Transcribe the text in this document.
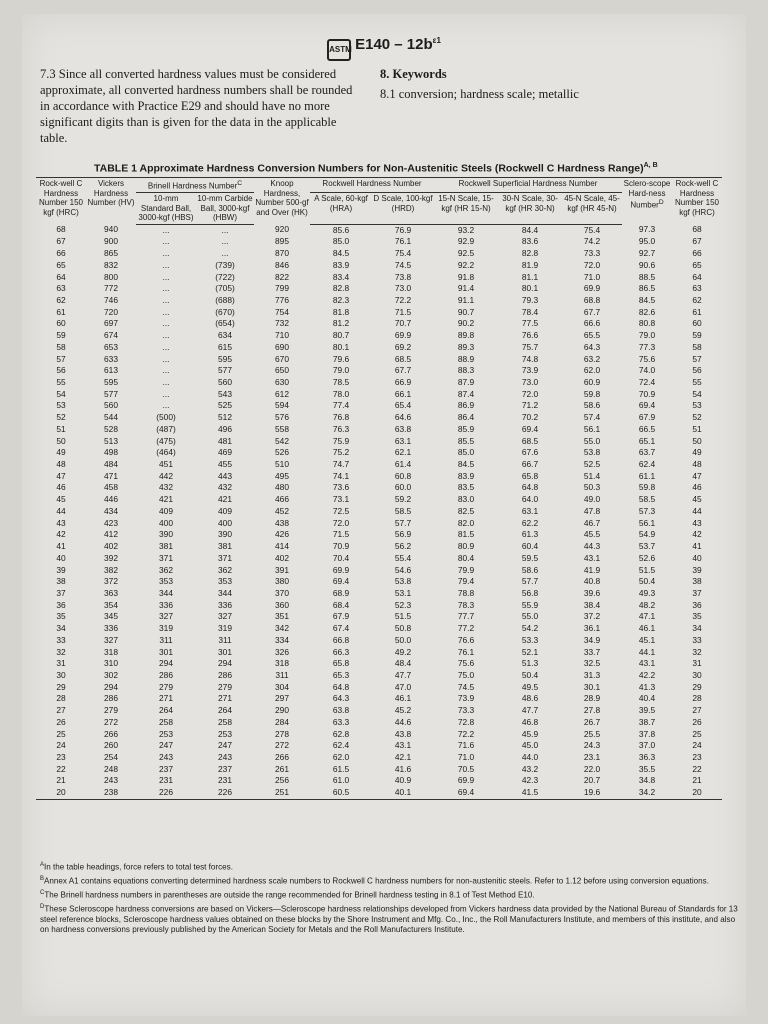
ASTM $E140 - 12b^{\varepsilon 1}$
7.3 Since all converted hardness values must be considered approximate, all converted hardness numbers shall be rounded in accordance with Practice E29 and should have no more significant digits than is given for the data in the applicable table.
8. Keywords
8.1 conversion; hardness scale; metallic
TABLE 1 Approximate Hardness Conversion Numbers for Non-Austenitic Steels (Rockwell C Hardness Range)$^{A, B}$
Rock-well C Hardness Number 150 kgf (HRC)	Vickers Hardness Number (HV)	Brinell Hardness Number$^C$		Knoop Hardness, Number 500-gf and Over (HK)	Rockwell Hardness Number		Rockwell Superficial Hardness Number			Sclero-scope Hard-ness Number$^D$	Rock-well C Hardness Number 150 kgf (HRC)
		10-mm Standard Ball, 3000-kgf (HBS)	10-mm Carbide Ball, 3000-kgf (HBW)		A Scale, 60-kgf (HRA)	D Scale, 100-kgf (HRD)	15-N Scale, 15-kgf (HR 15-N)	30-N Scale, 30-kgf (HR 30-N)	45-N Scale, 45-kgf (HR 45-N)		
68	940	...	...	920	85.6	76.9	93.2	84.4	75.4	97.3	68
67	900	...	...	895	85.0	76.1	92.9	83.6	74.2	95.0	67
66	865	...	...	870	84.5	75.4	92.5	82.8	73.3	92.7	66
65	832	...	(739)	846	83.9	74.5	92.2	81.9	72.0	90.6	65
64	800	...	(722)	822	83.4	73.8	91.8	81.1	71.0	88.5	64
63	772	...	(705)	799	82.8	73.0	91.4	80.1	69.9	86.5	63
62	746	...	(688)	776	82.3	72.2	91.1	79.3	68.8	84.5	62
61	720	...	(670)	754	81.8	71.5	90.7	78.4	67.7	82.6	61
60	697	...	(654)	732	81.2	70.7	90.2	77.5	66.6	80.8	60
59	674	...	634	710	80.7	69.9	89.8	76.6	65.5	79.0	59
58	653	...	615	690	80.1	69.2	89.3	75.7	64.3	77.3	58
57	633	...	595	670	79.6	68.5	88.9	74.8	63.2	75.6	57
56	613	...	577	650	79.0	67.7	88.3	73.9	62.0	74.0	56
55	595	...	560	630	78.5	66.9	87.9	73.0	60.9	72.4	55
54	577	...	543	612	78.0	66.1	87.4	72.0	59.8	70.9	54
53	560	...	525	594	77.4	65.4	86.9	71.2	58.6	69.4	53
52	544	(500)	512	576	76.8	64.6	86.4	70.2	57.4	67.9	52
51	528	(487)	496	558	76.3	63.8	85.9	69.4	56.1	66.5	51
50	513	(475)	481	542	75.9	63.1	85.5	68.5	55.0	65.1	50
49	498	(464)	469	526	75.2	62.1	85.0	67.6	53.8	63.7	49
48	484	451	455	510	74.7	61.4	84.5	66.7	52.5	62.4	48
47	471	442	443	495	74.1	60.8	83.9	65.8	51.4	61.1	47
46	458	432	432	480	73.6	60.0	83.5	64.8	50.3	59.8	46
45	446	421	421	466	73.1	59.2	83.0	64.0	49.0	58.5	45
44	434	409	409	452	72.5	58.5	82.5	63.1	47.8	57.3	44
43	423	400	400	438	72.0	57.7	82.0	62.2	46.7	56.1	43
42	412	390	390	426	71.5	56.9	81.5	61.3	45.5	54.9	42
41	402	381	381	414	70.9	56.2	80.9	60.4	44.3	53.7	41
40	392	371	371	402	70.4	55.4	80.4	59.5	43.1	52.6	40
39	382	362	362	391	69.9	54.6	79.9	58.6	41.9	51.5	39
38	372	353	353	380	69.4	53.8	79.4	57.7	40.8	50.4	38
37	363	344	344	370	68.9	53.1	78.8	56.8	39.6	49.3	37
36	354	336	336	360	68.4	52.3	78.3	55.9	38.4	48.2	36
35	345	327	327	351	67.9	51.5	77.7	55.0	37.2	47.1	35
34	336	319	319	342	67.4	50.8	77.2	54.2	36.1	46.1	34
33	327	311	311	334	66.8	50.0	76.6	53.3	34.9	45.1	33
32	318	301	301	326	66.3	49.2	76.1	52.1	33.7	44.1	32
31	310	294	294	318	65.8	48.4	75.6	51.3	32.5	43.1	31
30	302	286	286	311	65.3	47.7	75.0	50.4	31.3	42.2	30
29	294	279	279	304	64.8	47.0	74.5	49.5	30.1	41.3	29
28	286	271	271	297	64.3	46.1	73.9	48.6	28.9	40.4	28
27	279	264	264	290	63.8	45.2	73.3	47.7	27.8	39.5	27
26	272	258	258	284	63.3	44.6	72.8	46.8	26.7	38.7	26
25	266	253	253	278	62.8	43.8	72.2	45.9	25.5	37.8	25
24	260	247	247	272	62.4	43.1	71.6	45.0	24.3	37.0	24
23	254	243	243	266	62.0	42.1	71.0	44.0	23.1	36.3	23
22	248	237	237	261	61.5	41.6	70.5	43.2	22.0	35.5	22
21	243	231	231	256	61.0	40.9	69.9	42.3	20.7	34.8	21
20	238	226	226	251	60.5	40.1	69.4	41.5	19.6	34.2	20

$^A$In the table headings, force refers to total test forces.

$^B$Annex A1 contains equations converting determined hardness scale numbers to Rockwell C hardness numbers for non-austenitic steels. Refer to 1.12 before using conversion equations.

$^C$The Brinell hardness numbers in parentheses are outside the range recommended for Brinell hardness testing in 8.1 of Test Method E10.

$^D$These Scleroscope hardness conversions are based on Vickers—Scleroscope hardness relationships developed from Vickers hardness data provided by the National Bureau of Standards for 13 steel reference blocks, Scleroscope hardness values obtained on these blocks by the Shore Instrument and Mfg. Co., Inc., the Roll Manufacturers Institute, and members of this institute, and also on hardness conversions previously published by the American Society for Metals and the Roll Manufacturers Institute.
